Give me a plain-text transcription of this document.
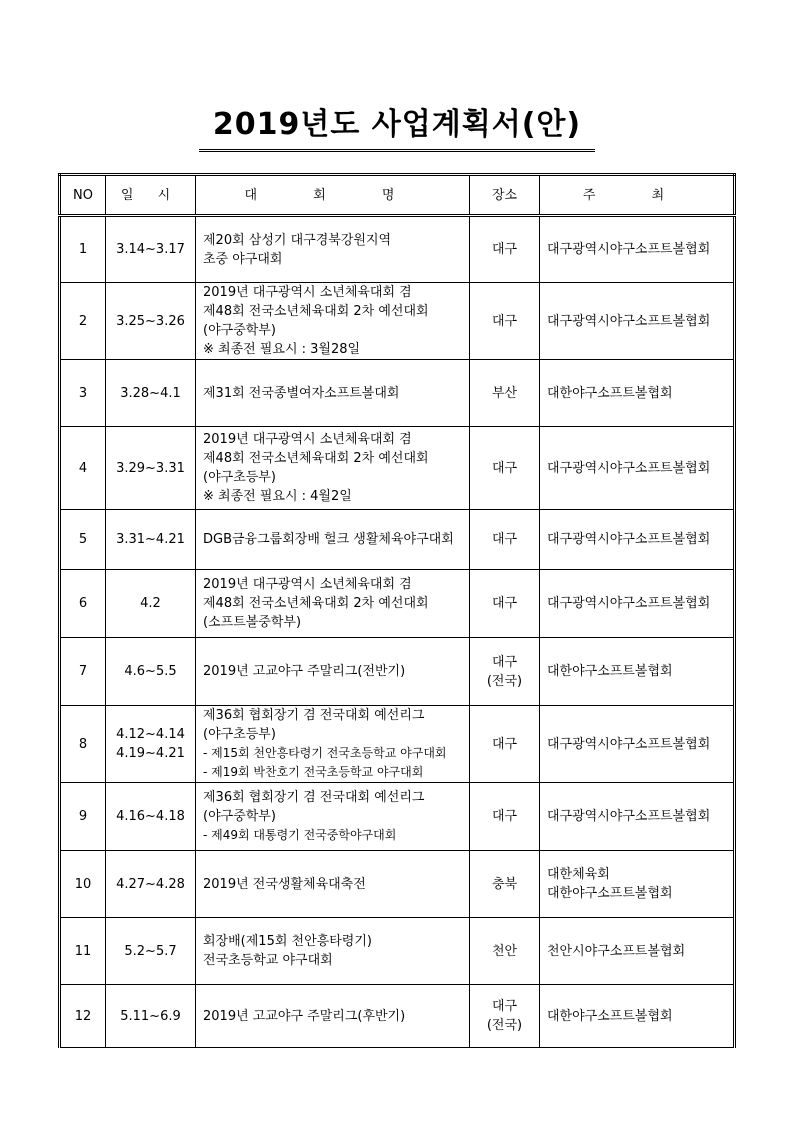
2019년도 사업계획서(안)
NO	일 시	대 회 명	장소	주 최
1	3.14~3.17	제20회 삼성기 대구경북강원지역
초중 야구대회	대구	대구광역시야구소프트볼협회

2	3.25~3.26	2019년 대구광역시 소년체육대회 겸
제48회 전국소년체육대회 2차 예선대회
(야구중학부)
※ 최종전 필요시 : 3월28일	대구	대구광역시야구소프트볼협회

3	3.28~4.1	제31회 전국종별여자소프트볼대회	부산	대한야구소프트볼협회

4	3.29~3.31	2019년 대구광역시 소년체육대회 겸
제48회 전국소년체육대회 2차 예선대회
(야구초등부)
※ 최종전 필요시 : 4월2일	대구	대구광역시야구소프트볼협회

5	3.31~4.21	DGB금융그룹회장배 헐크 생활체육야구대회	대구	대구광역시야구소프트볼협회

6	4.2	2019년 대구광역시 소년체육대회 겸
제48회 전국소년체육대회 2차 예선대회
(소프트볼중학부)	대구	대구광역시야구소프트볼협회

7	4.6~5.5	2019년 고교야구 주말리그(전반기)	대구
(전국)	대한야구소프트볼협회

8	4.12~4.14
4.19~4.21	제36회 협회장기 겸 전국대회 예선리그
(야구초등부)
- 제15회 천안흥타령기 전국초등학교 야구대회
- 제19회 박찬호기 전국초등학교 야구대회	대구	대구광역시야구소프트볼협회

9	4.16~4.18	제36회 협회장기 겸 전국대회 예선리그
(야구중학부)
- 제49회 대통령기 전국중학야구대회	대구	대구광역시야구소프트볼협회

10	4.27~4.28	2019년 전국생활체육대축전	충북	대한체육회
대한야구소프트볼협회

11	5.2~5.7	회장배(제15회 천안흥타령기)
전국초등학교 야구대회	천안	천안시야구소프트볼협회

12	5.11~6.9	2019년 고교야구 주말리그(후반기)	대구
(전국)	대한야구소프트볼협회
